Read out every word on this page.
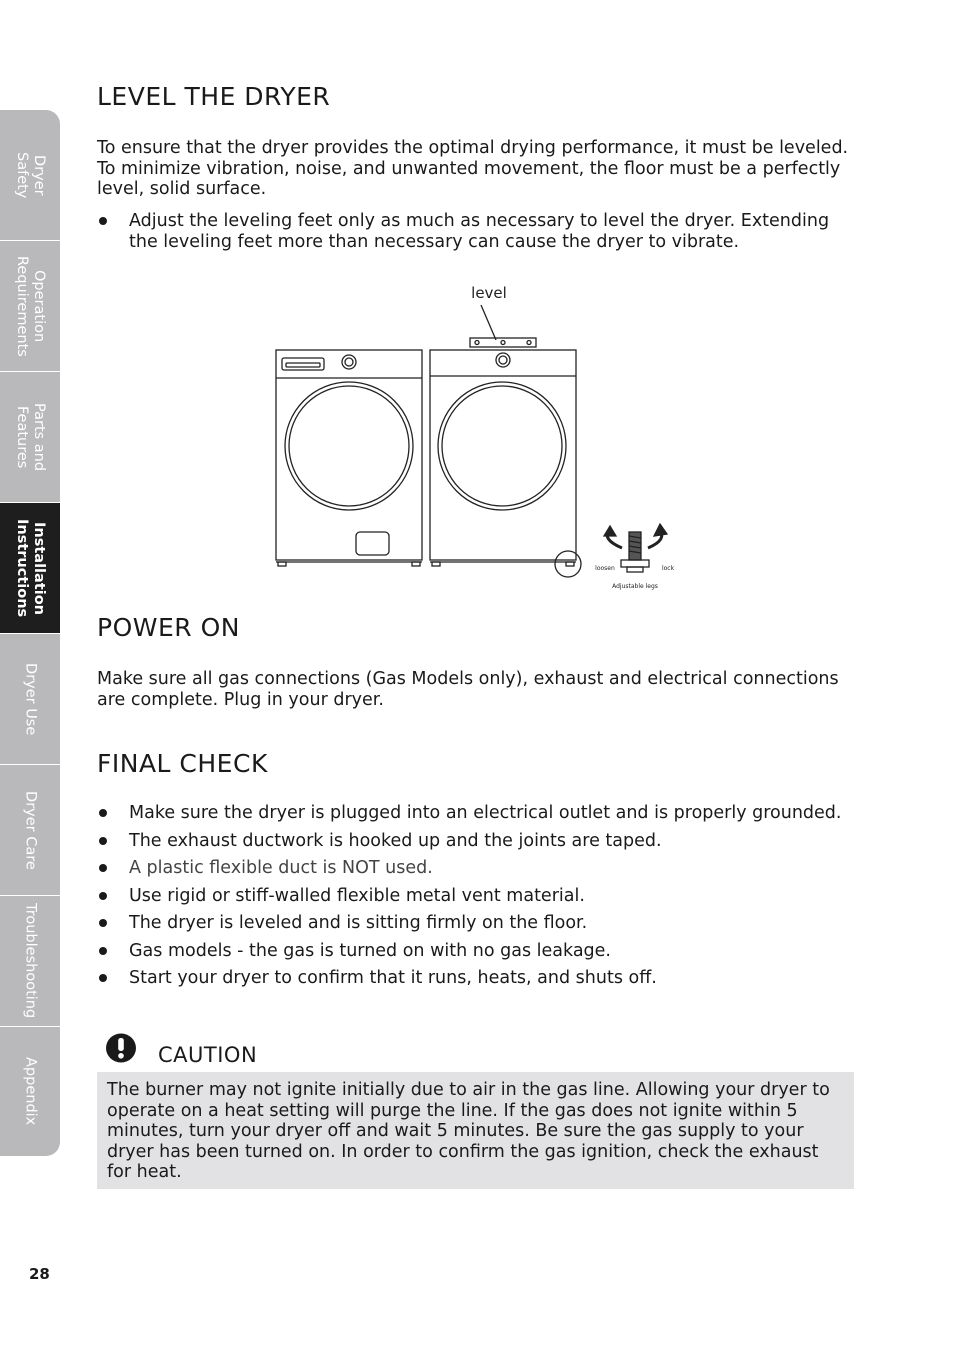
Dryer
Safety
Operation
Requirements
Parts and
Features
Installation
Instructions
Dryer Use
Dryer Care
Troubleshooting
Appendix
LEVEL THE DRYER

To ensure that the dryer provides the optimal drying performance, it must be leveled. To minimize vibration, noise, and unwanted movement, the floor must be a perfectly level, solid surface.

Adjust the leveling feet only as much as necessary to level the dryer. Extending the leveling feet more than necessary can cause the dryer to vibrate.
level
loosen	lock
Adjustable legs
POWER ON

Make sure all gas connections (Gas Models only), exhaust and electrical connections are complete. Plug in your dryer.

FINAL CHECK
Make sure the dryer is plugged into an electrical outlet and is properly grounded.
The exhaust ductwork is hooked up and the joints are taped.
A plastic flexible duct is NOT used.
Use rigid or stiff-walled flexible metal vent material.
The dryer is leveled and is sitting firmly on the floor.
Gas models - the gas is turned on with no gas leakage.
Start your dryer to confirm that it runs, heats, and shuts off.

CAUTION

The burner may not ignite initially due to air in the gas line. Allowing your dryer to operate on a heat setting will purge the line. If the gas does not ignite within 5 minutes, turn your dryer off and wait 5 minutes. Be sure the gas supply to your dryer has been turned on. In order to confirm the gas ignition, check the exhaust for heat.
28
